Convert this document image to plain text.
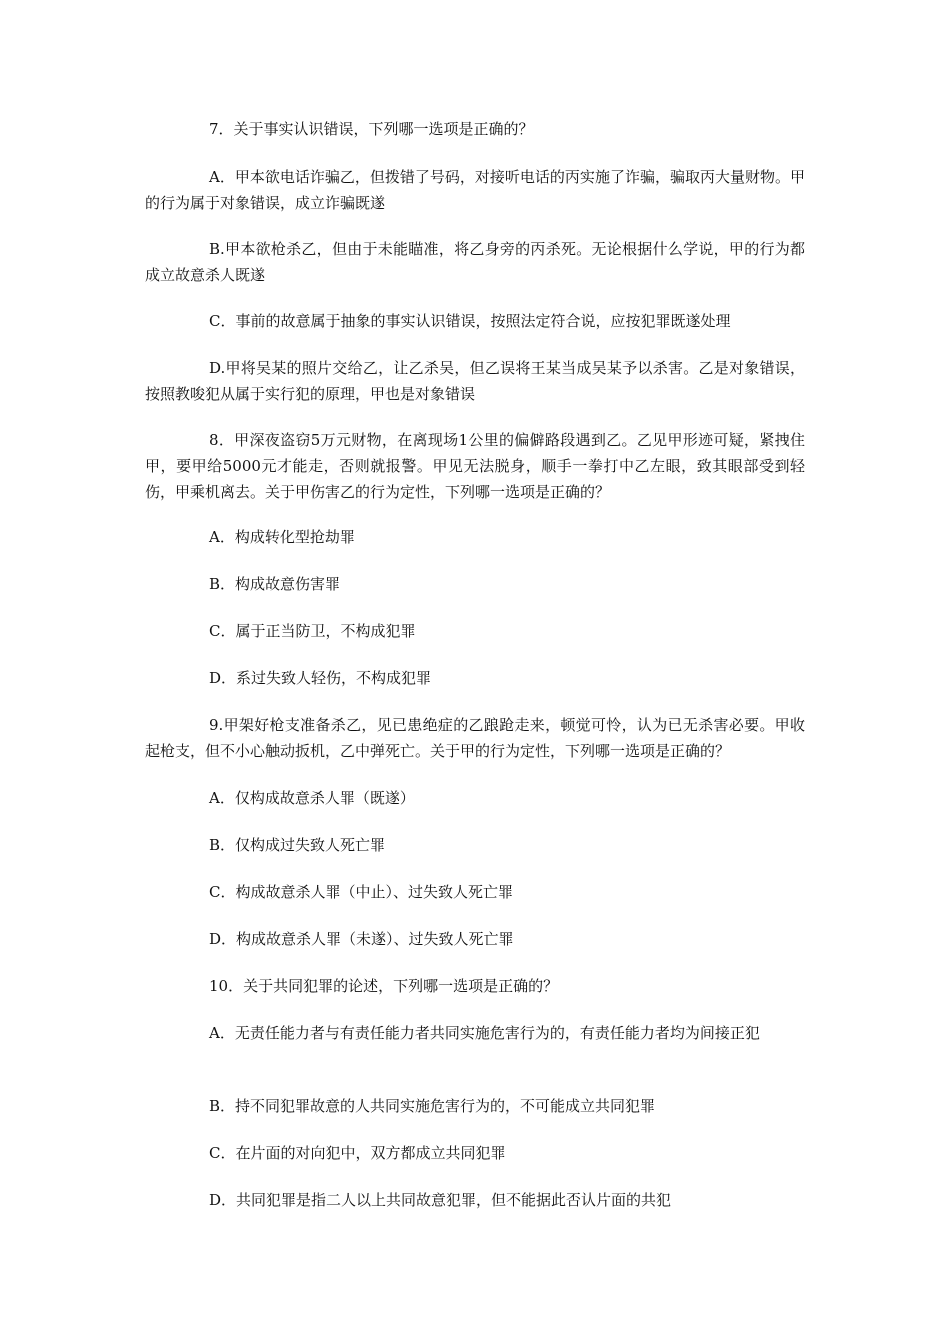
7．关于事实认识错误，下列哪一选项是正确的？

A．甲本欲电话诈骗乙，但拨错了号码，对接听电话的丙实施了诈骗，骗取丙大量财物。甲的行为属于对象错误，成立诈骗既遂

B.甲本欲枪杀乙，但由于未能瞄准，将乙身旁的丙杀死。无论根据什么学说，甲的行为都成立故意杀人既遂

C．事前的故意属于抽象的事实认识错误，按照法定符合说，应按犯罪既遂处理

D.甲将吴某的照片交给乙，让乙杀吴，但乙误将王某当成吴某予以杀害。乙是对象错误，按照教唆犯从属于实行犯的原理，甲也是对象错误

8．甲深夜盗窃5万元财物，在离现场1公里的偏僻路段遇到乙。乙见甲形迹可疑，紧拽住甲，要甲给5000元才能走，否则就报警。甲见无法脱身，顺手一拳打中乙左眼，致其眼部受到轻伤，甲乘机离去。关于甲伤害乙的行为定性，下列哪一选项是正确的？

A．构成转化型抢劫罪

B．构成故意伤害罪

C．属于正当防卫，不构成犯罪

D．系过失致人轻伤，不构成犯罪

9.甲架好枪支准备杀乙，见已患绝症的乙踉跄走来，顿觉可怜，认为已无杀害必要。甲收起枪支，但不小心触动扳机，乙中弹死亡。关于甲的行为定性，下列哪一选项是正确的？

A．仅构成故意杀人罪（既遂）

B．仅构成过失致人死亡罪

C．构成故意杀人罪（中止）、过失致人死亡罪

D．构成故意杀人罪（未遂）、过失致人死亡罪

10．关于共同犯罪的论述，下列哪一选项是正确的？

A．无责任能力者与有责任能力者共同实施危害行为的，有责任能力者均为间接正犯

B．持不同犯罪故意的人共同实施危害行为的，不可能成立共同犯罪

C．在片面的对向犯中，双方都成立共同犯罪

D．共同犯罪是指二人以上共同故意犯罪，但不能据此否认片面的共犯
